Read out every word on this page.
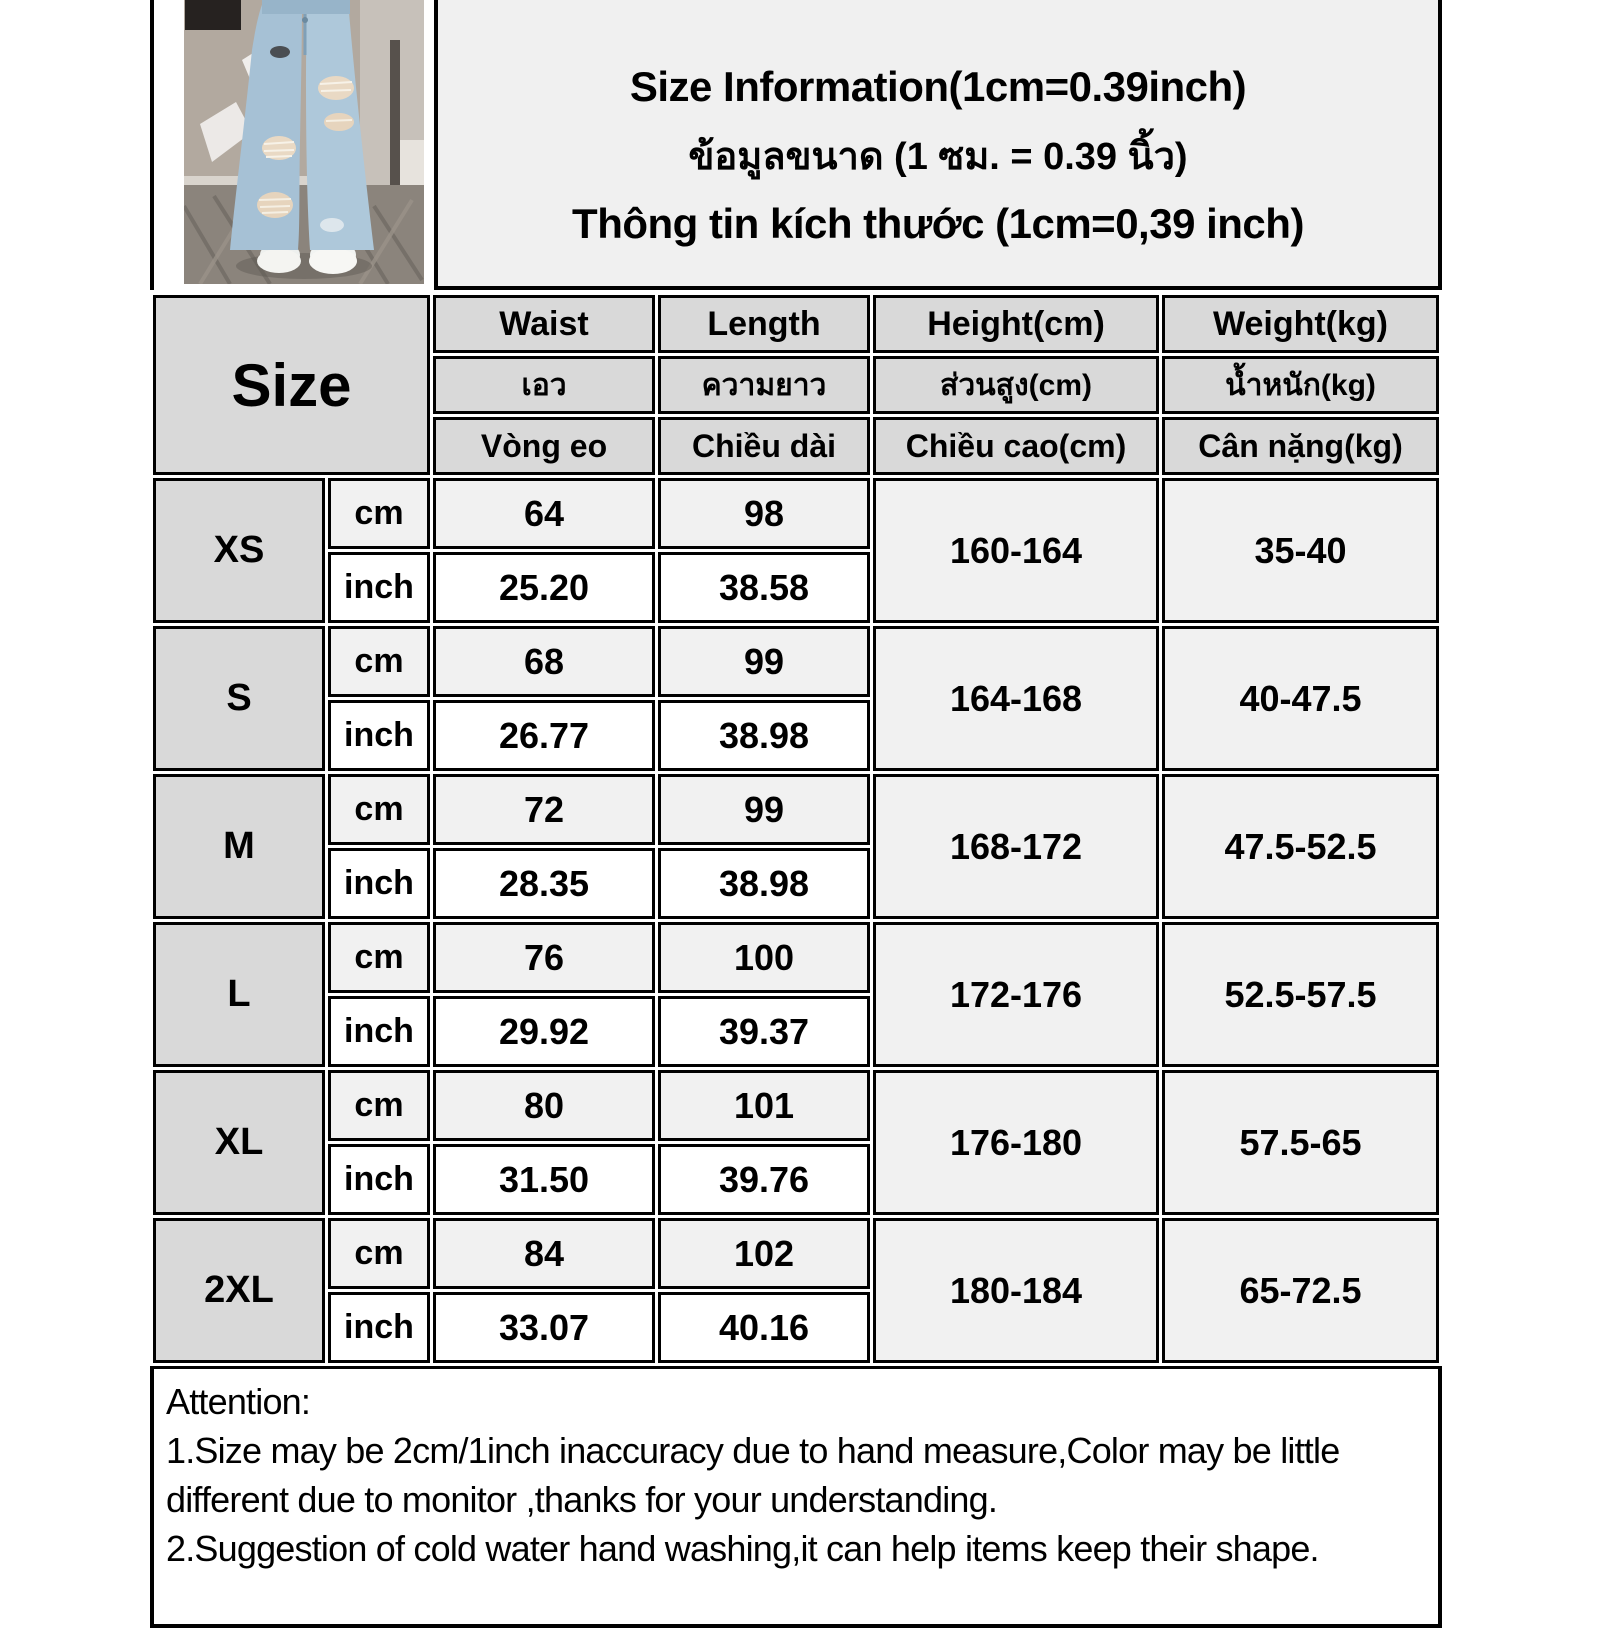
Size Information(1cm=0.39inch)
ข้อมูลขนาด (1 ซม. = 0.39 นิ้ว)
Thông tin kích thước (1cm=0,39 inch)
Size		Waist	Length	Height(cm)	Weight(kg)
		เอว	ความยาว	ส่วนสูง(cm)	น้ำหนัก(kg)
		Vòng eo	Chiều dài	Chiều cao(cm)	Cân nặng(kg)
XS	cm	64	98	160-164	35-40
	inch	25.20	38.58		
S	cm	68	99	164-168	40-47.5
	inch	26.77	38.98		
M	cm	72	99	168-172	47.5-52.5
	inch	28.35	38.98		
L	cm	76	100	172-176	52.5-57.5
	inch	29.92	39.37		
XL	cm	80	101	176-180	57.5-65
	inch	31.50	39.76		
2XL	cm	84	102	180-184	65-72.5
	inch	33.07	40.16		
Attention:
1.Size may be 2cm/1inch inaccuracy due to hand measure,Color may be little
different due to monitor ,thanks for your understanding.
2.Suggestion of cold water hand washing,it can help items keep their shape.
